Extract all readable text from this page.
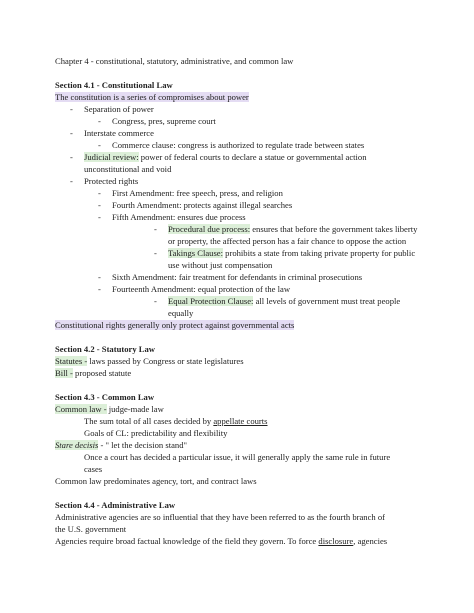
Chapter 4 - constitutional, statutory, administrative, and common law
Section 4.1 - Constitutional Law
The constitution is a series of compromises about power
- Separation of power
- Congress, pres, supreme court
- Interstate commerce
- Commerce clause: congress is authorized to regulate trade between states
- Judicial review: power of federal courts to declare a statue or governmental action
unconstitutional and void
- Protected rights
- First Amendment: free speech, press, and religion
- Fourth Amendment: protects against illegal searches
- Fifth Amendment: ensures due process
- Procedural due process: ensures that before the government takes liberty
or property, the affected person has a fair chance to oppose the action
- Takings Clause: prohibits a state from taking private property for public
use without just compensation
- Sixth Amendment: fair treatment for defendants in criminal prosecutions
- Fourteenth Amendment: equal protection of the law
- Equal Protection Clause: all levels of government must treat people
equally
Constitutional rights generally only protect against governmental acts
Section 4.2 - Statutory Law
Statutes - laws passed by Congress or state legislatures
Bill - proposed statute
Section 4.3 - Common Law
Common law - judge-made law
The sum total of all cases decided by appellate courts
Goals of CL: predictability and flexibility
Stare decisis - " let the decision stand"
Once a court has decided a particular issue, it will generally apply the same rule in future
cases
Common law predominates agency, tort, and contract laws
Section 4.4 - Administrative Law
Administrative agencies are so influential that they have been referred to as the fourth branch of
the U.S. government
Agencies require broad factual knowledge of the field they govern. To force disclosure, agencies
